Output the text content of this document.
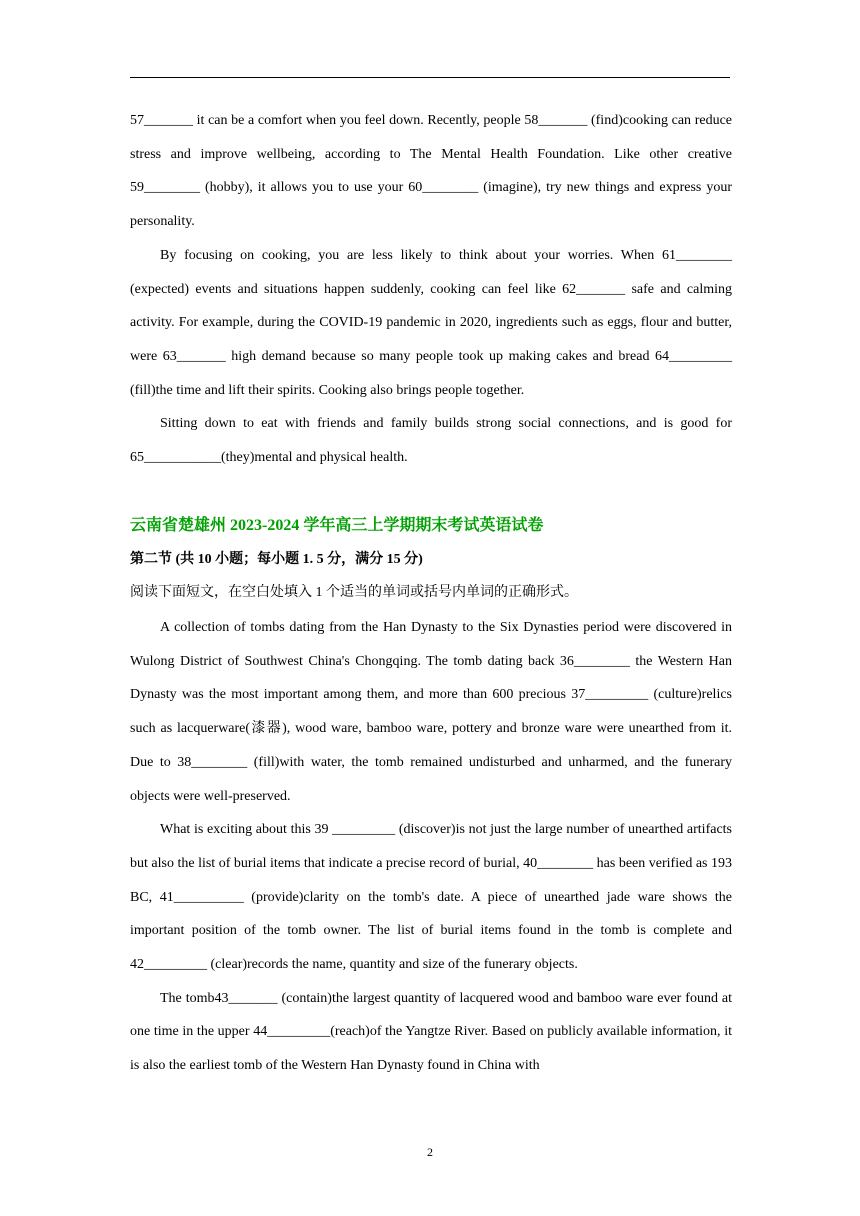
57_______ it can be a comfort when you feel down. Recently, people 58_______ (find)cooking can reduce stress and improve wellbeing, according to The Mental Health Foundation. Like other creative 59________ (hobby), it allows you to use your 60________ (imagine), try new things and express your personality.

By focusing on cooking, you are less likely to think about your worries. When 61________ (expected) events and situations happen suddenly, cooking can feel like 62_______ safe and calming activity. For example, during the COVID-19 pandemic in 2020, ingredients such as eggs, flour and butter, were 63_______ high demand because so many people took up making cakes and bread 64_________ (fill)the time and lift their spirits. Cooking also brings people together.

Sitting down to eat with friends and family builds strong social connections, and is good for 65___________(they)mental and physical health.

云南省楚雄州 2023-2024 学年高三上学期期末考试英语试卷
第二节 (共 10 小题；每小题 1. 5 分，满分 15 分)
阅读下面短文，在空白处填入 1 个适当的单词或括号内单词的正确形式。

A collection of tombs dating from the Han Dynasty to the Six Dynasties period were discovered in Wulong District of Southwest China's Chongqing. The tomb dating back 36________ the Western Han Dynasty was the most important among them, and more than 600 precious 37_________ (culture)relics such as lacquerware(漆器), wood ware, bamboo ware, pottery and bronze ware were unearthed from it. Due to 38________ (fill)with water, the tomb remained undisturbed and unharmed, and the funerary objects were well-preserved.

What is exciting about this 39 _________ (discover)is not just the large number of unearthed artifacts but also the list of burial items that indicate a precise record of burial, 40________ has been verified as 193 BC, 41__________ (provide)clarity on the tomb's date. A piece of unearthed jade ware shows the important position of the tomb owner. The list of burial items found in the tomb is complete and 42_________ (clear)records the name, quantity and size of the funerary objects.

The tomb43_______ (contain)the largest quantity of lacquered wood and bamboo ware ever found at one time in the upper 44_________(reach)of the Yangtze River. Based on publicly available information, it is also the earliest tomb of the Western Han Dynasty found in China with

2
